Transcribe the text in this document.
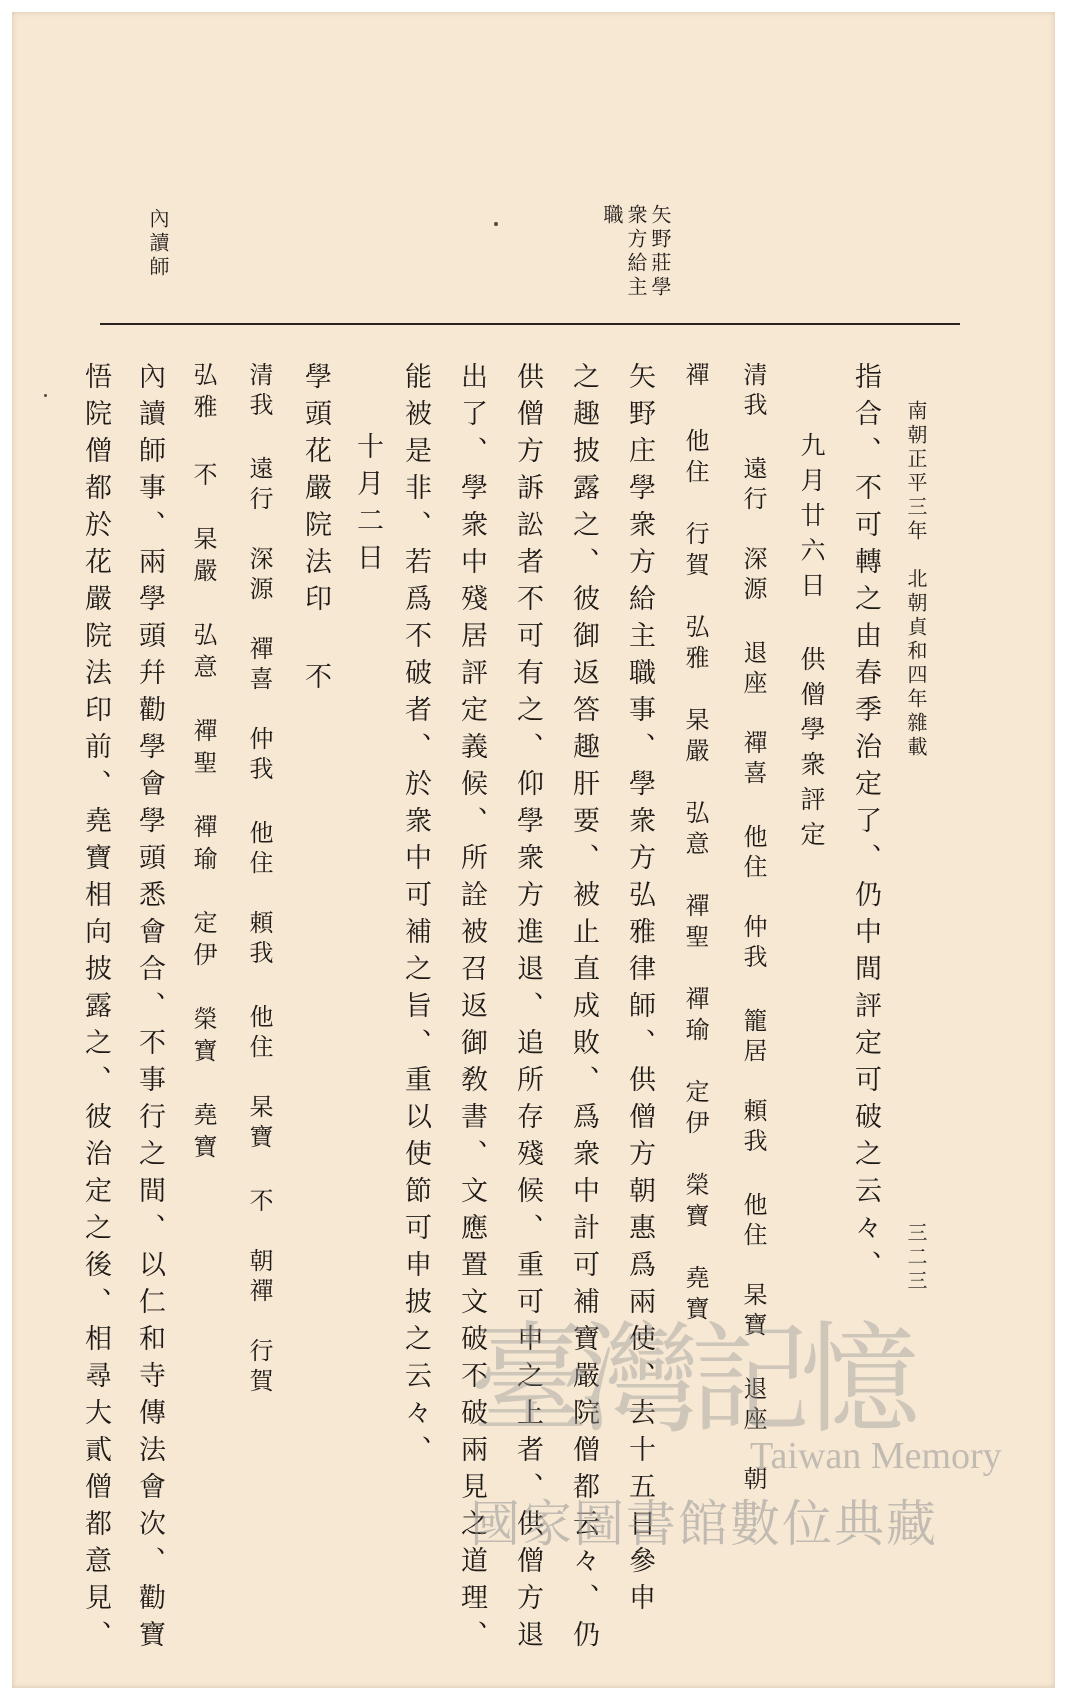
南朝正平三年　北朝貞和四年雜載
三二三
矢野莊學
衆方給主
職
內讀師
指合、不可轉之由春季治定了、仍中間評定可破之云々、
九月廿六日 供僧學衆評定
清我 遠行　深源 退座　禪喜 他住　仲我 籠居　頼我 他住　杲寶 退座　朝
禪 他住　行賀　弘雅　杲嚴　弘意　禪聖　禪瑜　定伊　榮寶　堯寶
矢野庄學衆方給主職事、學衆方弘雅律師、供僧方朝惠爲兩使、去十五日參申
之趣披露之、彼御返答趣肝要、被止直成敗、爲衆中計可補寶嚴院僧都云々、仍
供僧方訴訟者不可有之、仰學衆方進退、追所存殘候、重可申之上者、供僧方退
出了、學衆中殘居評定義候、所詮被召返御敎書、文應置文破不破兩見之道理、
能被是非、若爲不破者、於衆中可補之旨、重以使節可申披之云々、
十月二日
學頭花嚴院法印 不
清我 遠行　深源　禪喜　仲我 他住　頼我 他住　杲寶 不　朝禪　行賀
弘雅 不　杲嚴　弘意　禪聖　禪瑜　定伊　榮寶　堯寶
內讀師事、兩學頭幷勸學會學頭悉會合、不事行之間、以仁和寺傳法會次、勸寶
悟院僧都於花嚴院法印前、堯寶相向披露之、彼治定之後、相尋大貳僧都意見、	臺灣記憶
Taiwan Memory
國家圖書館數位典藏
